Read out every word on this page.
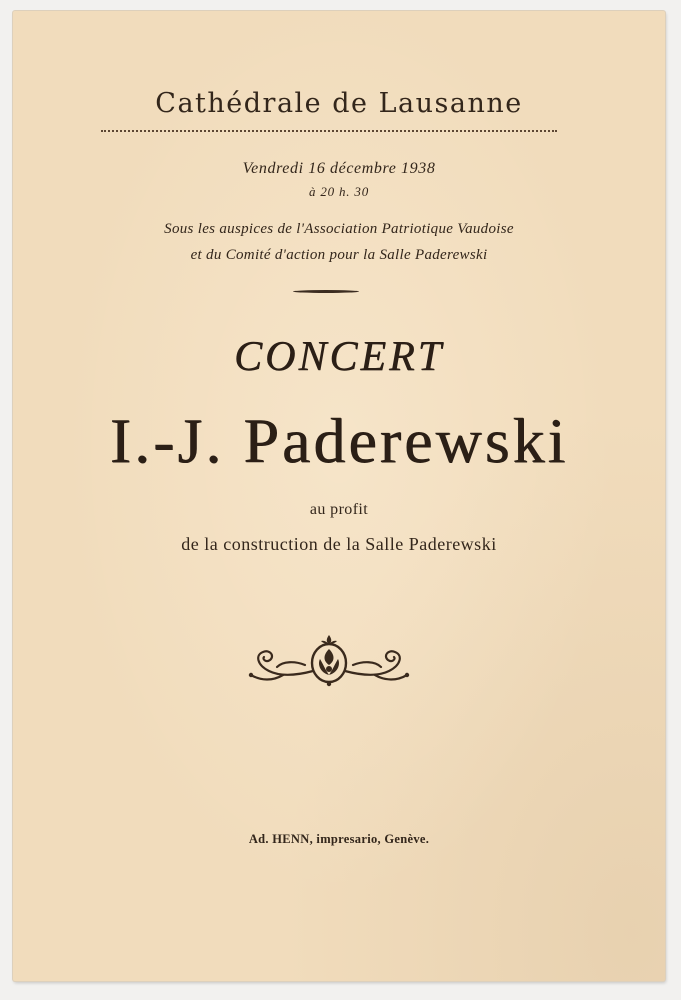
Cathédrale de Lausanne
Vendredi 16 décembre 1938
à 20 h. 30
Sous les auspices de l'Association Patriotique Vaudoise
et du Comité d'action pour la Salle Paderewski
CONCERT
I.-J. Paderewski
au profit
de la construction de la Salle Paderewski
Ad. HENN, impresario, Genève.
